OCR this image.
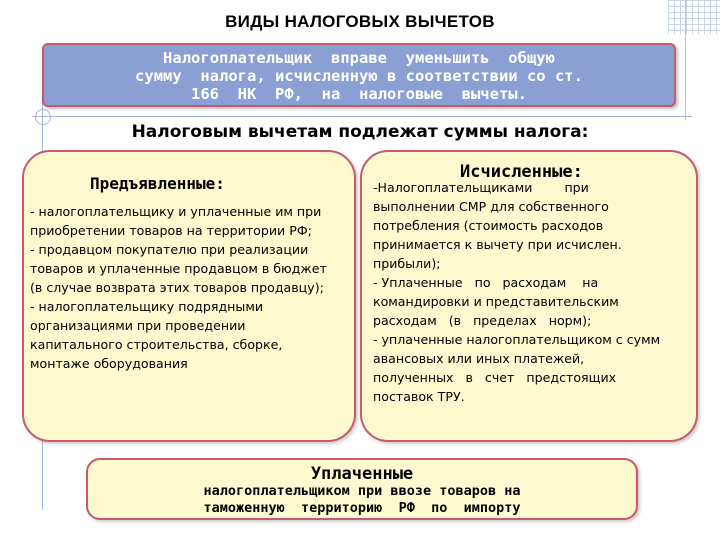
ВИДЫ НАЛОГОВЫХ ВЫЧЕТОВ
Налогоплательщик  вправе  уменьшить  общую
сумму  налога, исчисленную в соответствии со ст.
166  НК  РФ,  на  налоговые  вычеты.
Налоговым вычетам подлежат суммы налога:
Предъявленные:
- налогоплательщику и уплаченные им при
приобретении товаров на территории РФ;
- продавцом покупателю при реализации
товаров и уплаченные продавцом в бюджет
(в случае возврата этих товаров продавцу);
- налогоплательщику подрядными
организациями при проведении
капитального строительства, сборке,
монтаже оборудования
Исчисленные:
-Налогоплательщиками        при
выполнении СМР для собственного
потребления (стоимость расходов
принимается к вычету при исчислен.
прибыли);
- Уплаченные   по   расходам    на
командировки и представительским
расходам   (в   пределах   норм);
- уплаченные налогоплательщиком с сумм
авансовых или иных платежей,
полученных   в   счет   предстоящих
поставок ТРУ.
Уплаченные
налогоплательщиком при ввозе товаров на
таможенную  территорию  РФ  по  импорту
